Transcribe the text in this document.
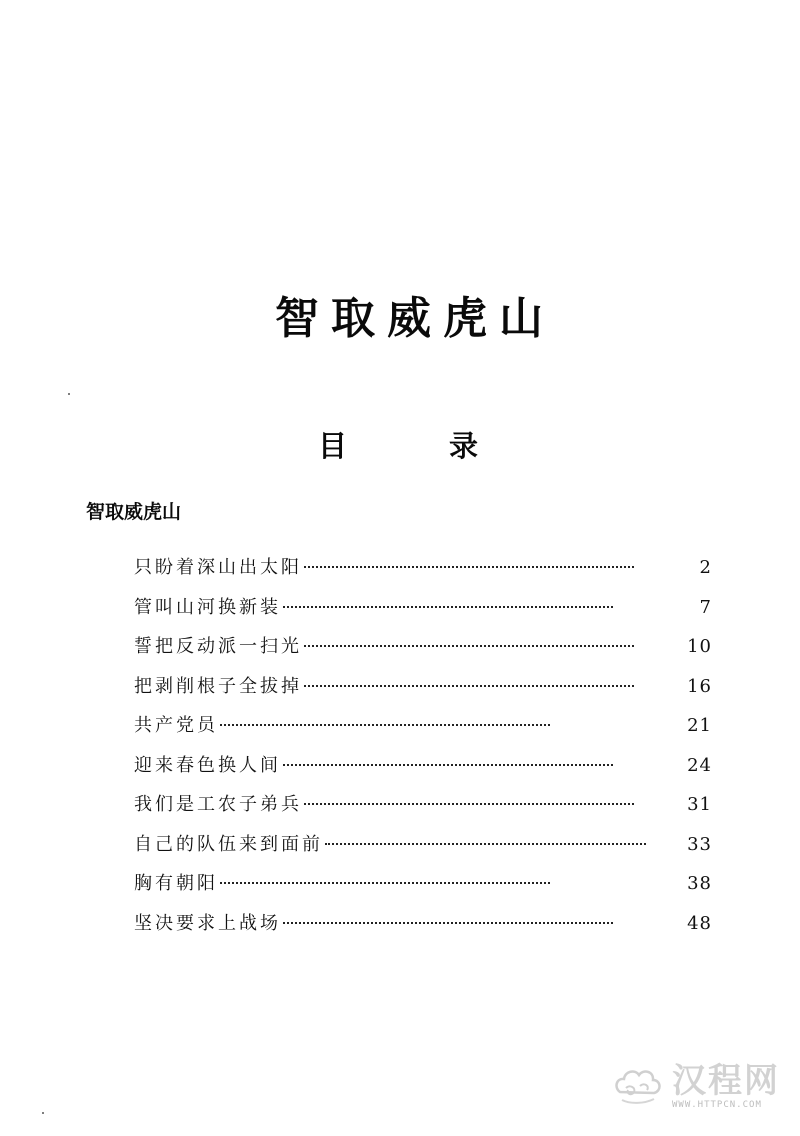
智取威虎山
目	录
智取威虎山
只盼着深山出太阳	2
管叫山河换新装	7
誓把反动派一扫光	10
把剥削根子全拔掉	16
共产党员	21
迎来春色换人间	24
我们是工农子弟兵	31
自己的队伍来到面前	33
胸有朝阳	38
坚决要求上战场	48
汉程网
WWW.HTTPCN.COM
